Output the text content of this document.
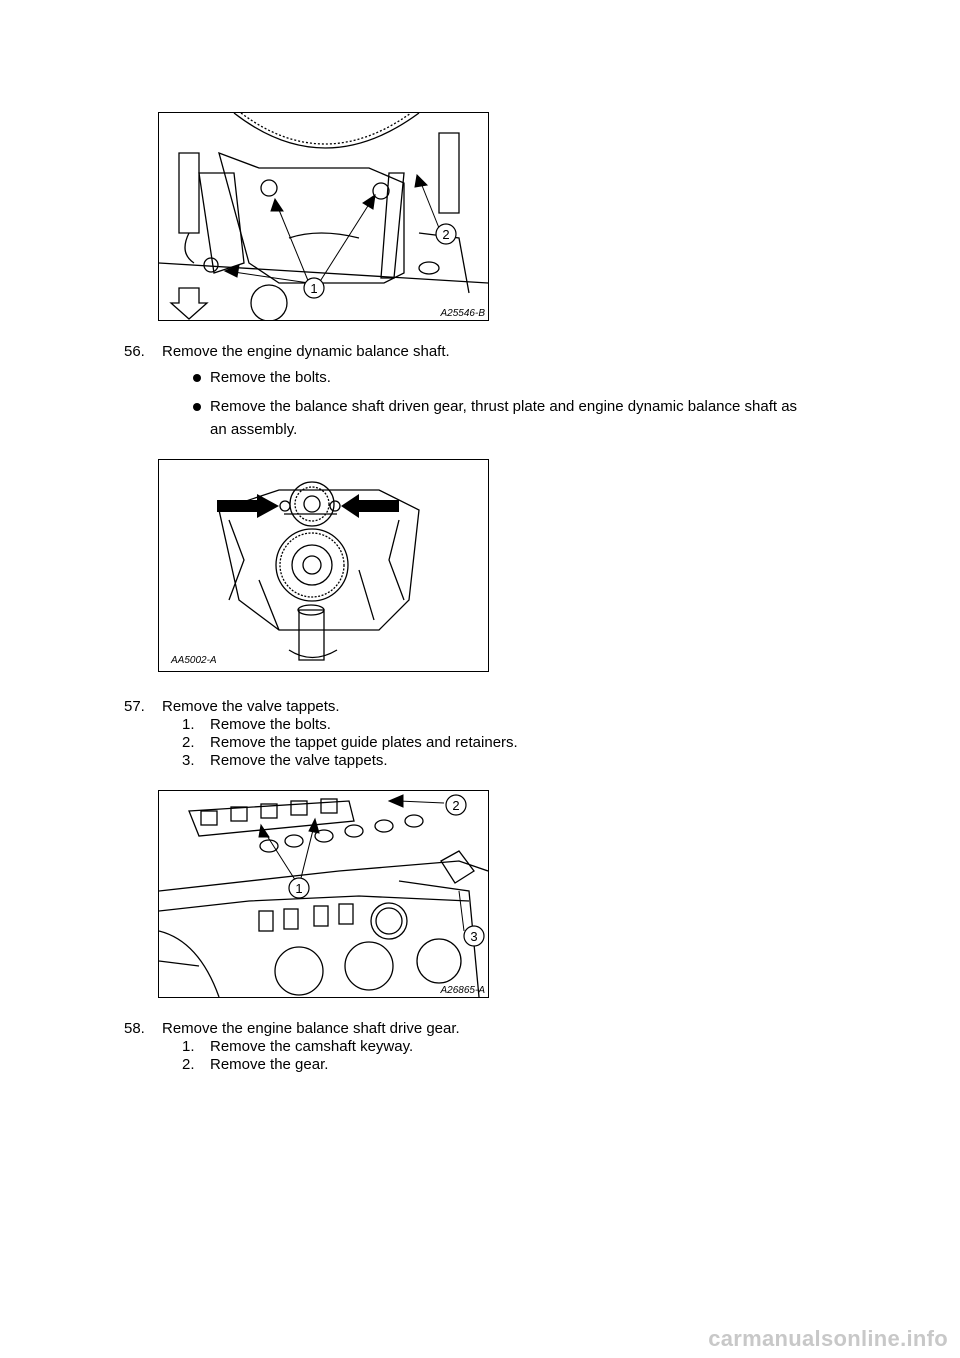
1
2
A25546-B
56. Remove the engine dynamic balance shaft.
Remove the bolts.
Remove the balance shaft driven gear, thrust plate and engine dynamic balance shaft as
an assembly.
AA5002-A
57. Remove the valve tappets.
1. Remove the bolts.
2. Remove the tappet guide plates and retainers.
3. Remove the valve tappets.
2
1
3
A26865-A
58. Remove the engine balance shaft drive gear.
1. Remove the camshaft keyway.
2. Remove the gear.
carmanualsonline.info
